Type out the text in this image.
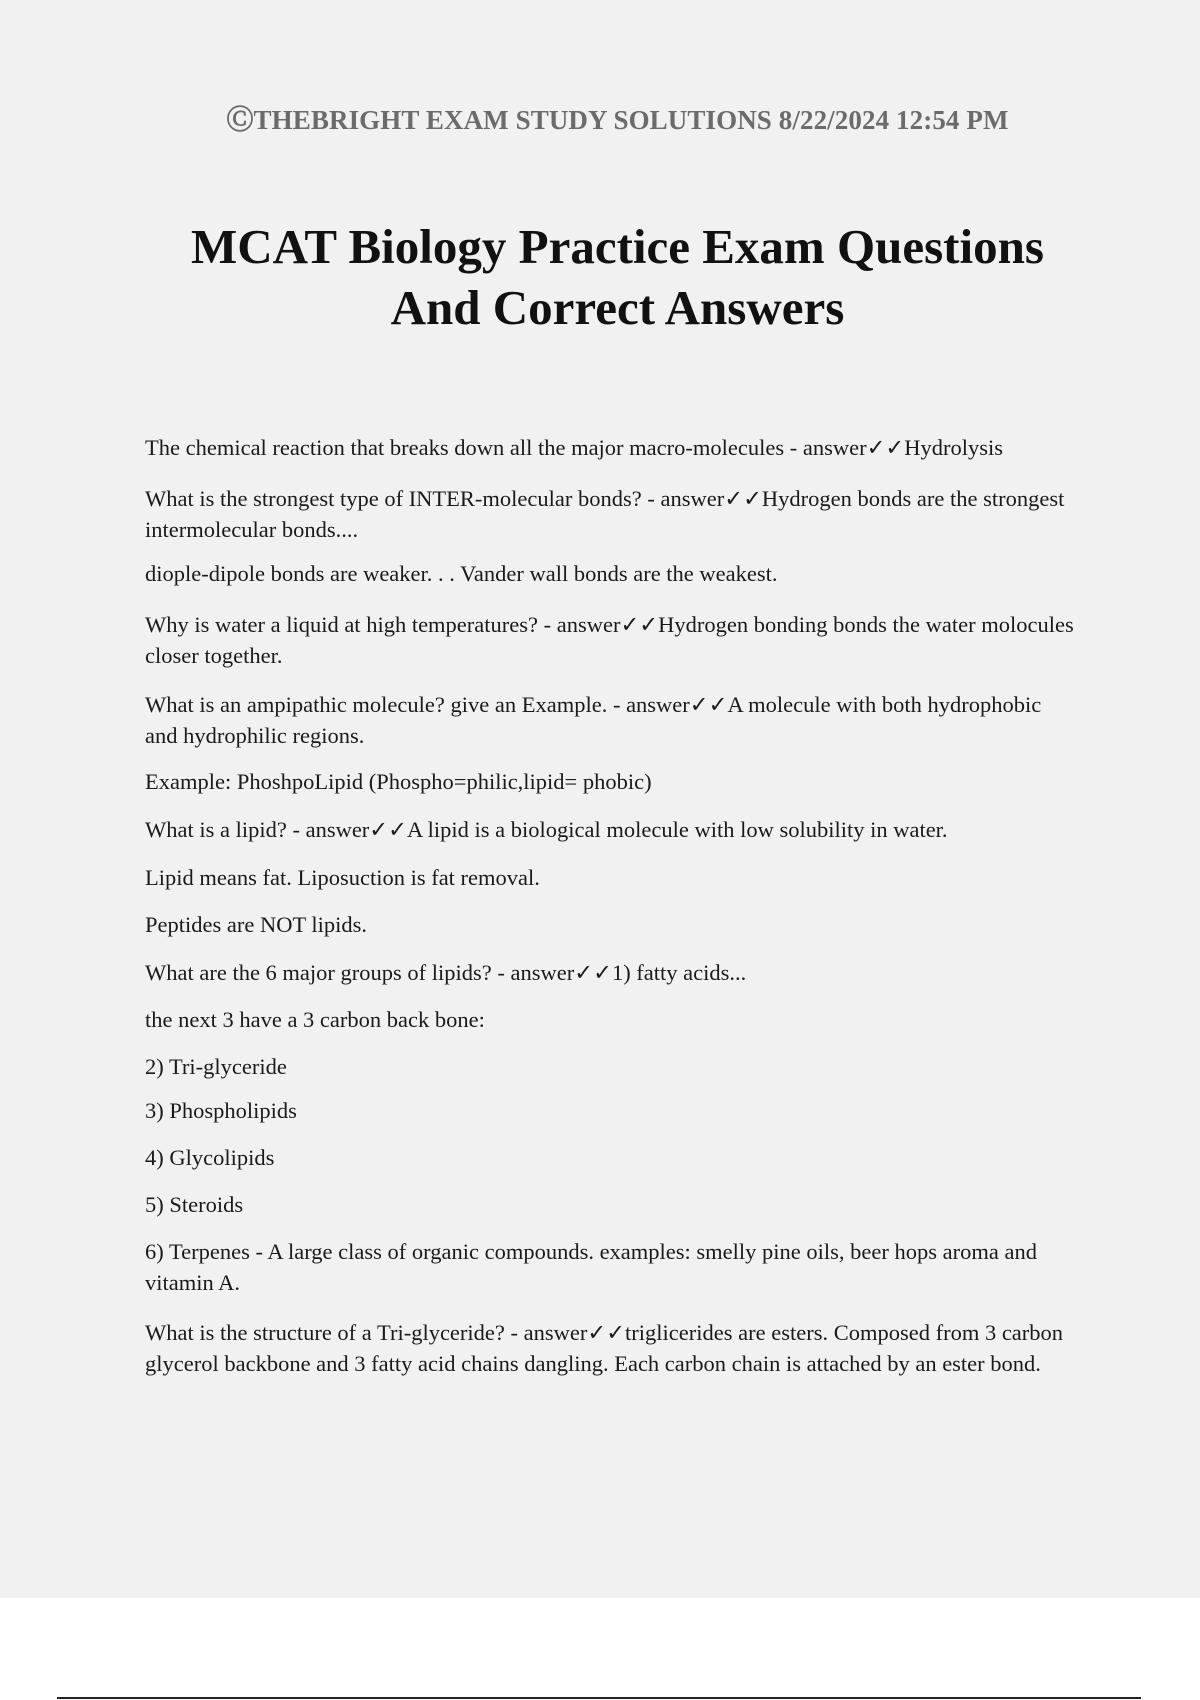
ⒸTHEBRIGHT EXAM STUDY SOLUTIONS 8/22/2024 12:54 PM
MCAT Biology Practice Exam Questions
And Correct Answers

The chemical reaction that breaks down all the major macro-molecules - answer✓✓Hydrolysis

What is the strongest type of INTER-molecular bonds? - answer✓✓Hydrogen bonds are the strongest intermolecular bonds....

diople-dipole bonds are weaker. . . Vander wall bonds are the weakest.

Why is water a liquid at high temperatures? - answer✓✓Hydrogen bonding bonds the water molocules closer together.

What is an ampipathic molecule? give an Example. - answer✓✓A molecule with both hydrophobic and hydrophilic regions.

Example: PhoshpoLipid (Phospho=philic,lipid= phobic)

What is a lipid? - answer✓✓A lipid is a biological molecule with low solubility in water.

Lipid means fat. Liposuction is fat removal.

Peptides are NOT lipids.

What are the 6 major groups of lipids? - answer✓✓1) fatty acids...

the next 3 have a 3 carbon back bone:

2) Tri-glyceride

3) Phospholipids

4) Glycolipids

5) Steroids

6) Terpenes - A large class of organic compounds. examples: smelly pine oils, beer hops aroma and vitamin A.

What is the structure of a Tri-glyceride? - answer✓✓triglicerides are esters. Composed from 3 carbon glycerol backbone and 3 fatty acid chains dangling. Each carbon chain is attached by an ester bond.
